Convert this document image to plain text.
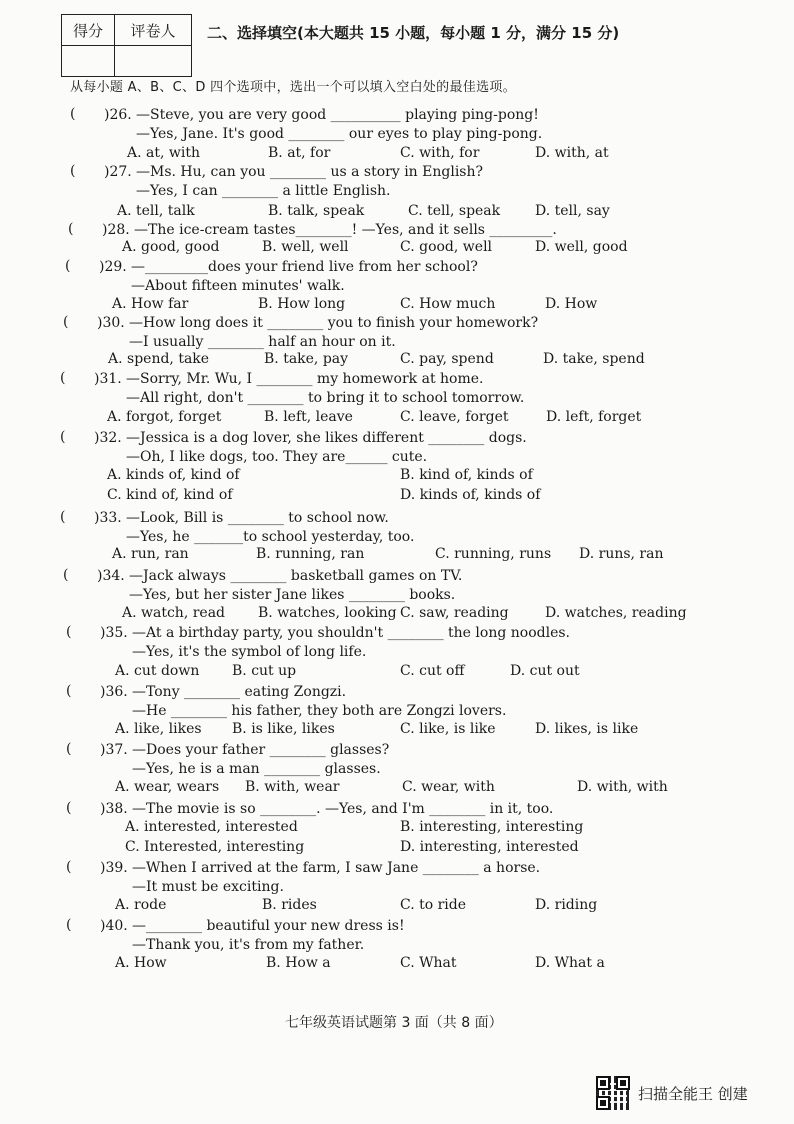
得分	评卷人
	二、选择填空(本大题共 15 小题，每小题 1 分，满分 15 分)
从每小题 A、B、C、D 四个选项中，选出一个可以填入空白处的最佳选项。
( )26. —Steve, you are very good __________ playing ping-pong!
—Yes, Jane. It's good ________ our eyes to play ping-pong.
A. at, with	B. at, for	C. with, for	D. with, at
( )27. —Ms. Hu, can you ________ us a story in English?
—Yes, I can ________ a little English.
A. tell, talk	B. talk, speak	C. tell, speak D. tell, say
( )28. —The ice-cream tastes________! —Yes, and it sells _________.
A. good, good	B. well, well	C. good, well	D. well, good
( )29. —_________does your friend live from her school?
—About fifteen minutes' walk.
A. How far	B. How long	C. How much	D. How
( )30. —How long does it ________ you to finish your homework?
—I usually ________ half an hour on it.
A. spend, take	B. take, pay	C. pay, spend	D. take, spend
( )31. —Sorry, Mr. Wu, I ________ my homework at home.
—All right, don't ________ to bring it to school tomorrow.
A. forgot, forget	B. left, leave	C. leave, forget	D. left, forget
( )32. —Jessica is a dog lover, she likes different ________ dogs.
—Oh, I like dogs, too. They are______ cute.
A. kinds of, kind of	B. kind of, kinds of
C. kind of, kind of	D. kinds of, kinds of
( )33. —Look, Bill is ________ to school now.
—Yes, he _______to school yesterday, too.
A. run, ran	B. running, ran	C. running, runs D. runs, ran
( )34. —Jack always ________ basketball games on TV.
—Yes, but her sister Jane likes ________ books.
A. watch, read B. watches, looking C. saw, reading	D. watches, reading
( )35. —At a birthday party, you shouldn't ________ the long noodles.
—Yes, it's the symbol of long life.
A. cut down B. cut up	C. cut off	D. cut out
( )36. —Tony ________ eating Zongzi.
—He ________ his father, they both are Zongzi lovers.
A. like, likes B. is like, likes	C. like, is like	D. likes, is like
( )37. —Does your father ________ glasses?
—Yes, he is a man ________ glasses.
A. wear, wears B. with, wear	C. wear, with	D. with, with
( )38. —The movie is so ________. —Yes, and I'm ________ in it, too.
A. interested, interested	B. interesting, interesting
C. Interested, interesting	D. interesting, interested
( )39. —When I arrived at the farm, I saw Jane ________ a horse.
—It must be exciting.
A. rode	B. rides	C. to ride	D. riding
( )40. —________ beautiful your new dress is!
—Thank you, it's from my father.
A. How	B. How a	C. What	D. What a
七年级英语试题第 3 面（共 8 面）
扫描全能王 创建
